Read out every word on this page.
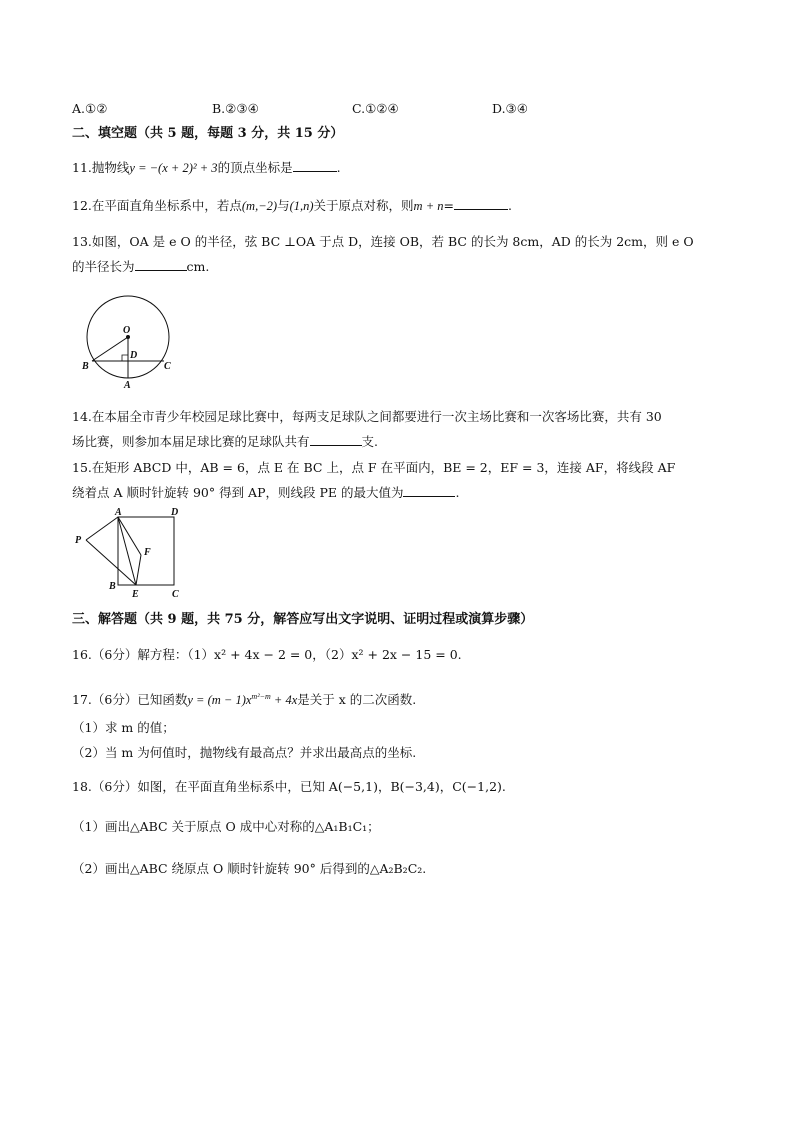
A.①②	B.②③④	C.①②④	D.③④
二、填空题（共 5 题，每题 3 分，共 15 分）
11.抛物线y = −(x + 2)² + 3的顶点坐标是	.
12.在平面直角坐标系中，若点(m,−2)与(1,n)关于原点对称，则m + n=	.
13.如图，OA 是 e O 的半径，弦 BC ⊥OA 于点 D，连接 OB，若 BC 的长为 8cm，AD 的长为 2cm，则 e O
的半径长为	cm.
O
D
B	C
A
14.在本届全市青少年校园足球比赛中，每两支足球队之间都要进行一次主场比赛和一次客场比赛，共有 30
场比赛，则参加本届足球比赛的足球队共有	支.
15.在矩形 ABCD 中，AB = 6，点 E 在 BC 上，点 F 在平面内，BE = 2，EF = 3，连接 AF，将线段 AF
绕着点 A 顺时针旋转 90° 得到 AP，则线段 PE 的最大值为	.
A	D
P
F
B
E	C
三、解答题（共 9 题，共 75 分，解答应写出文字说明、证明过程或演算步骤）
16.（6分）解方程：（1）x² + 4x − 2 = 0，（2）x² + 2x − 15 = 0.
17.（6分）已知函数$y = (m - 1)x^{m^2-m} + 4x$是关于 x 的二次函数.
（1）求 m 的值；
（2）当 m 为何值时，抛物线有最高点？并求出最高点的坐标.
18.（6分）如图，在平面直角坐标系中，已知 A(−5,1)，B(−3,4)，C(−1,2).
（1）画出△ABC 关于原点 O 成中心对称的△A₁B₁C₁；
（2）画出△ABC 绕原点 O 顺时针旋转 90° 后得到的△A₂B₂C₂.
